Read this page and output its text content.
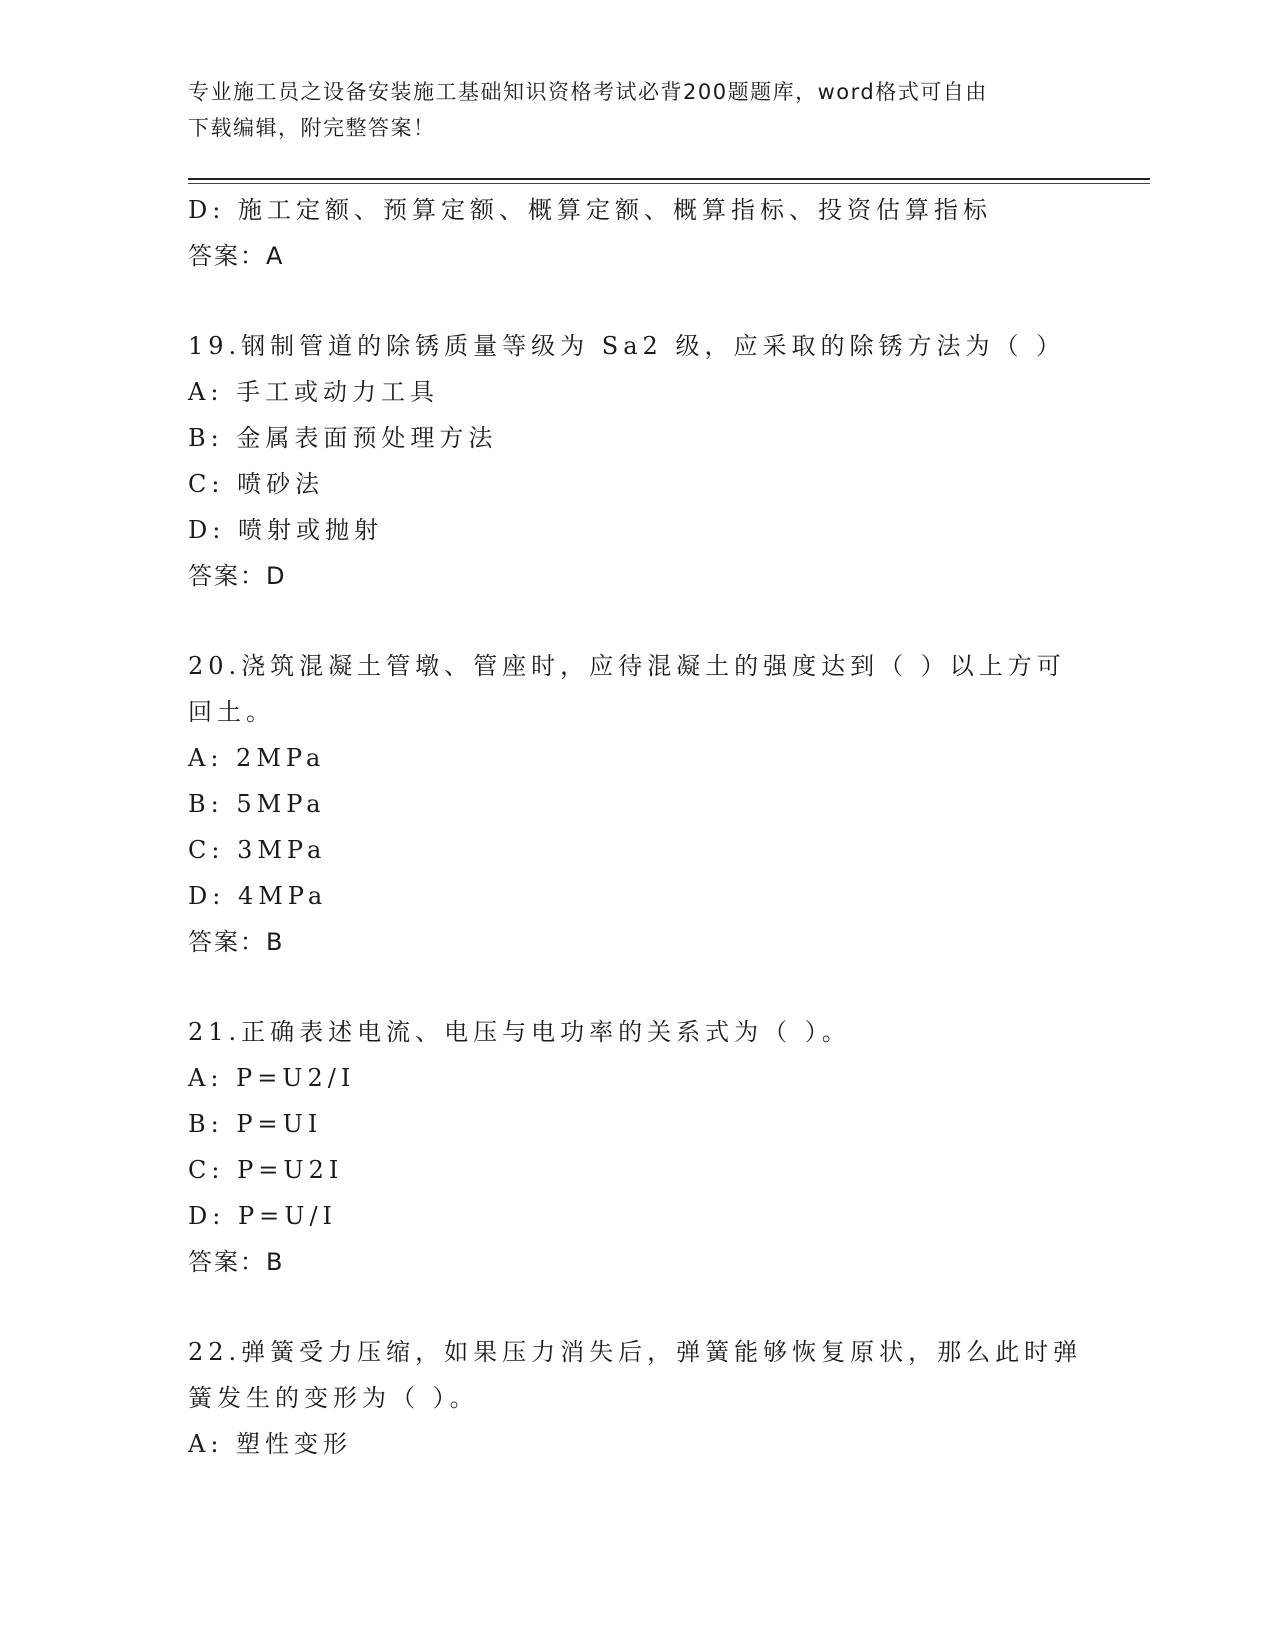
专业施工员之设备安装施工基础知识资格考试必背200题题库，word格式可自由
下载编辑，附完整答案！
D: 施工定额、预算定额、概算定额、概算指标、投资估算指标
答案：A
19.钢制管道的除锈质量等级为 Sa2 级，应采取的除锈方法为（ ）
A: 手工或动力工具
B: 金属表面预处理方法
C: 喷砂法
D: 喷射或抛射
答案：D
20.浇筑混凝土管墩、管座时，应待混凝土的强度达到（ ）以上方可
回土。
A: 2MPa
B: 5MPa
C: 3MPa
D: 4MPa
答案：B
21.正确表述电流、电压与电功率的关系式为（ ）。
A: P=U2/I
B: P=UI
C: P=U2I
D: P=U/I
答案：B
22.弹簧受力压缩，如果压力消失后，弹簧能够恢复原状，那么此时弹
簧发生的变形为（ ）。
A: 塑性变形
